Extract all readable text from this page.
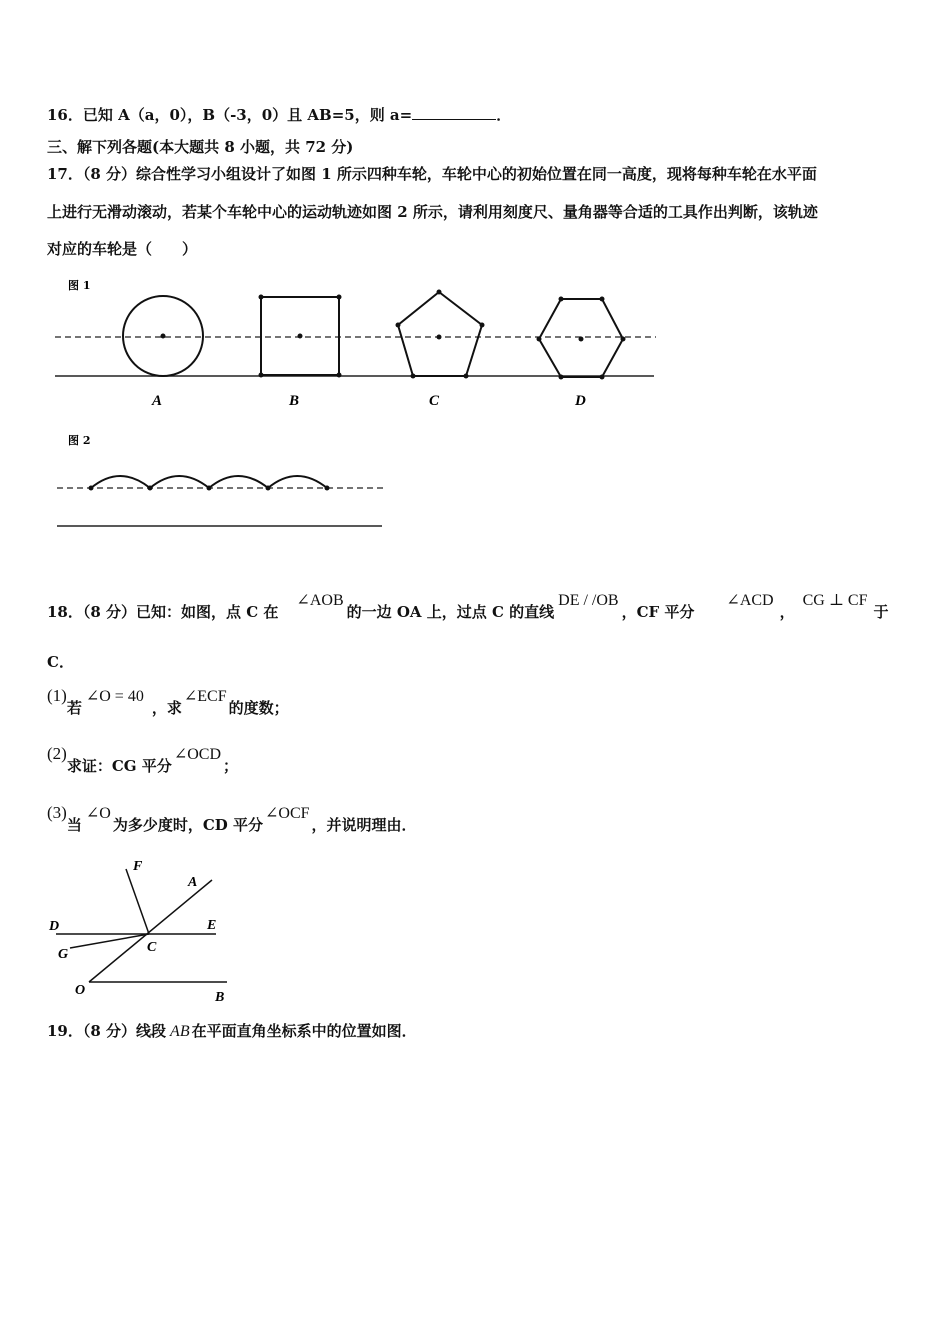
16．已知 A（a，0），B（-3，0）且 AB=5，则 a=	．
三、解下列各题(本大题共 8 小题，共 72 分)
17．（8 分）综合性学习小组设计了如图 1 所示四种车轮，车轮中心的初始位置在同一高度，现将每种车轮在水平面
上进行无滑动滚动，若某个车轮中心的运动轨迹如图 2 所示，请利用刻度尺、量角器等合适的工具作出判断，该轨迹
对应的车轮是（　　）
图 1
A	B	C	D
图 2
F
A
D	E
G	C
O	B
18．（8 分）已知：如图，点 C 在∠AOB的一边 OA 上，过点 C 的直线DE / /OB，CF 平分∠ACD，CG ⊥ CF于
C．
(1)若∠O = 40，求∠ECF的度数；
(2)求证：CG 平分∠OCD；
(3)当∠O为多少度时，CD 平分∠OCF，并说明理由．
19．（8 分）线段 AB 在平面直角坐标系中的位置如图．
